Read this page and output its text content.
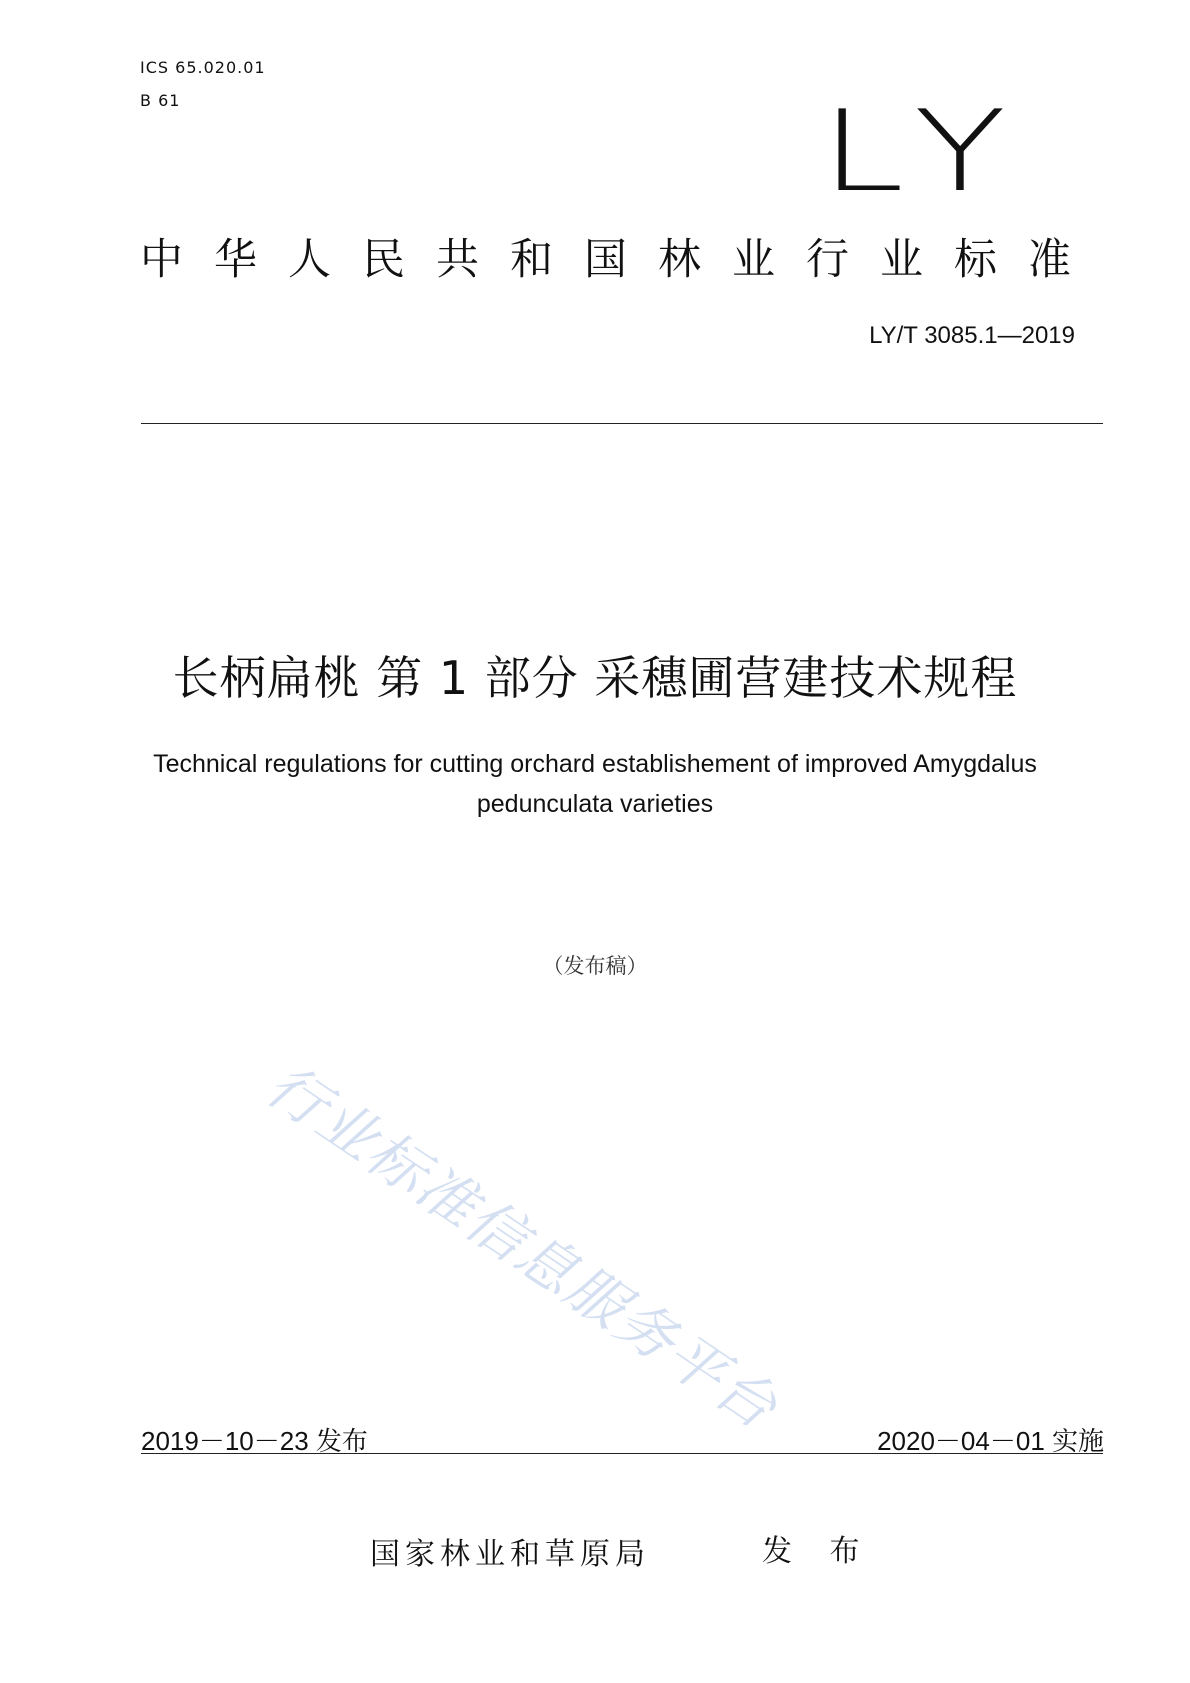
ICS 65.020.01
B 61	LY
中华人民共和国林业行业标准
LY/T 3085.1—2019
长柄扁桃 第 1 部分 采穗圃营建技术规程
Technical regulations for cutting orchard establishement of improved Amygdalus pedunculata varieties
（发布稿）
行业标准信息服务平台
2019－10－23 发布	2020－04－01 实施
国家林业和草原局	发 布
